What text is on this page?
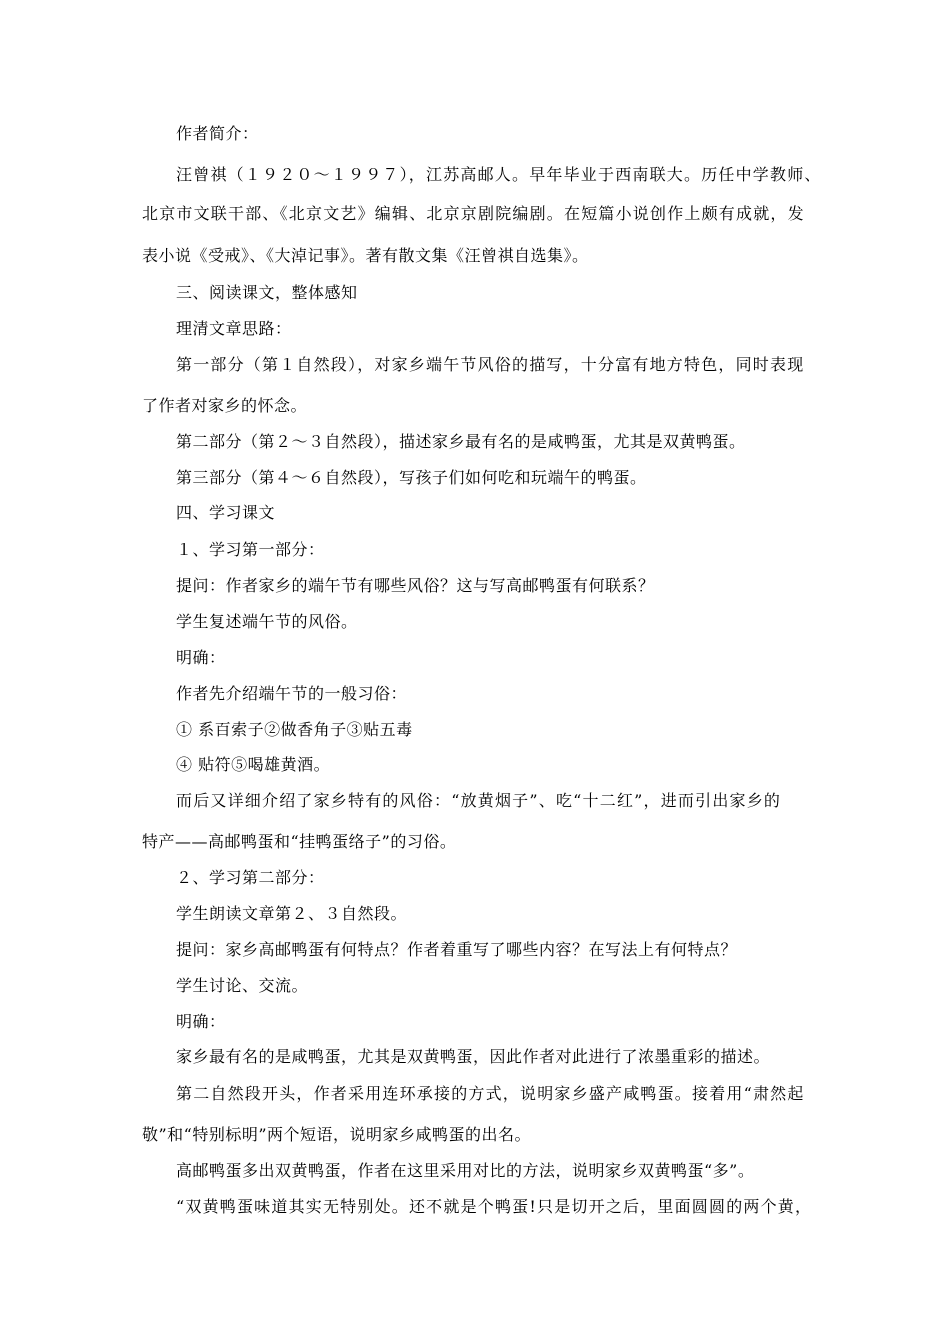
作者简介：
汪曾祺（１９２０～１９９７），江苏高邮人。早年毕业于西南联大。历任中学教师、
北京市文联干部、《北京文艺》编辑、北京京剧院编剧。在短篇小说创作上颇有成就，发
表小说《受戒》、《大淖记事》。著有散文集《汪曾祺自选集》。
三、阅读课文，整体感知
理清文章思路：
第一部分（第１自然段），对家乡端午节风俗的描写，十分富有地方特色，同时表现
了作者对家乡的怀念。
第二部分（第２～３自然段），描述家乡最有名的是咸鸭蛋，尤其是双黄鸭蛋。
第三部分（第４～６自然段），写孩子们如何吃和玩端午的鸭蛋。
四、学习课文
１、学习第一部分：
提问：作者家乡的端午节有哪些风俗？这与写高邮鸭蛋有何联系？
学生复述端午节的风俗。
明确：
作者先介绍端午节的一般习俗：
① 系百索子②做香角子③贴五毒
④ 贴符⑤喝雄黄酒。
而后又详细介绍了家乡特有的风俗：“放黄烟子”、吃“十二红”，进而引出家乡的
特产——高邮鸭蛋和“挂鸭蛋络子”的习俗。
２、学习第二部分：
学生朗读文章第２、３自然段。
提问：家乡高邮鸭蛋有何特点？作者着重写了哪些内容？在写法上有何特点？
学生讨论、交流。
明确：
家乡最有名的是咸鸭蛋，尤其是双黄鸭蛋，因此作者对此进行了浓墨重彩的描述。
第二自然段开头，作者采用连环承接的方式，说明家乡盛产咸鸭蛋。接着用“肃然起
敬”和“特别标明”两个短语，说明家乡咸鸭蛋的出名。
高邮鸭蛋多出双黄鸭蛋，作者在这里采用对比的方法，说明家乡双黄鸭蛋“多”。
“双黄鸭蛋味道其实无特别处。还不就是个鸭蛋!只是切开之后，里面圆圆的两个黄，
